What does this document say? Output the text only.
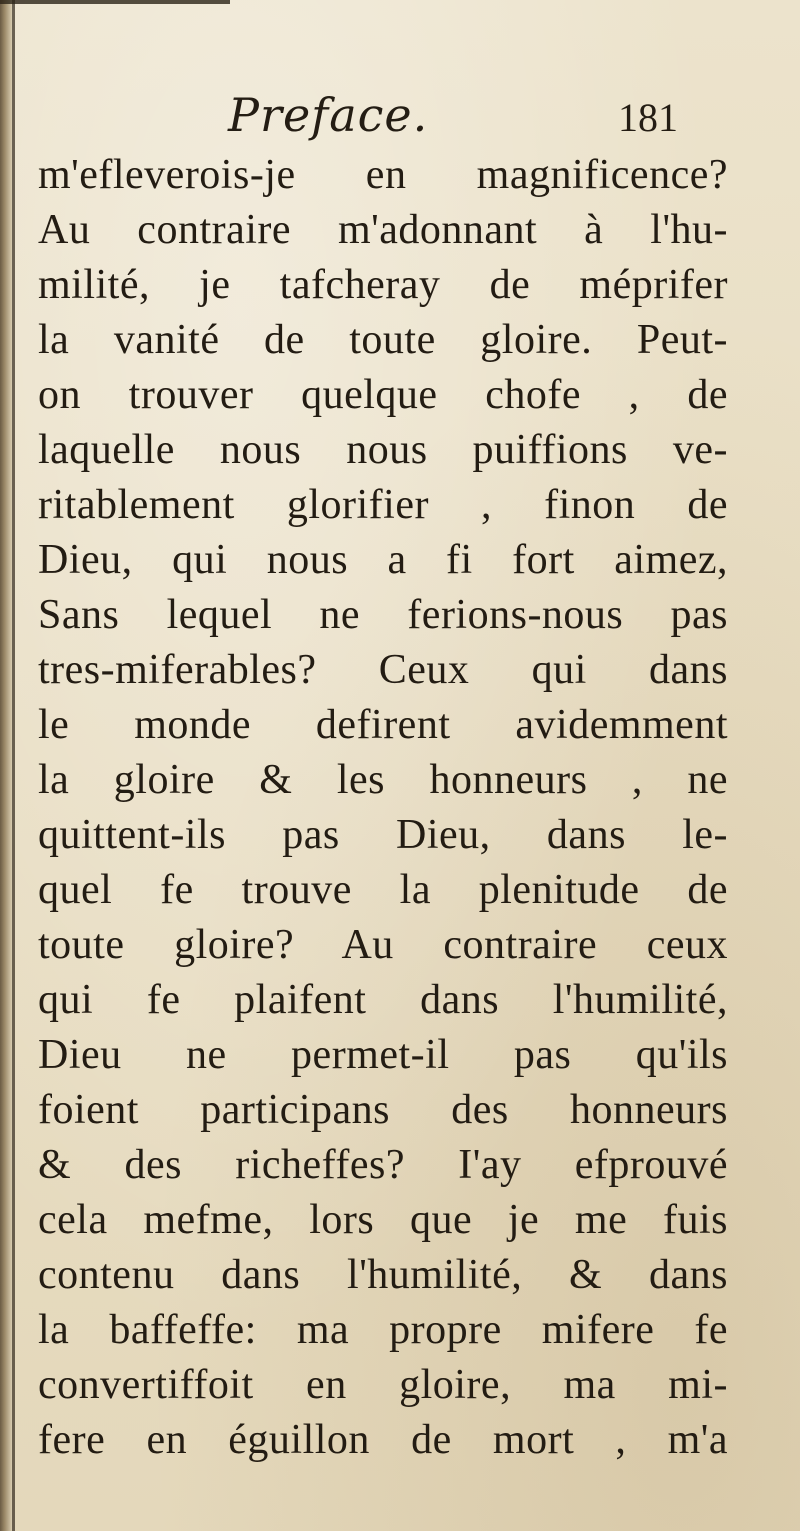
Preface.	181
m'efleverois-je en magnificence?
Au contraire m'adonnant à l'hu-
milité, je tafcheray de méprifer
la vanité de toute gloire. Peut-
on trouver quelque chofe , de
laquelle nous nous puiffions ve-
ritablement glorifier , finon de
Dieu, qui nous a fi fort aimez,
Sans lequel ne ferions-nous pas
tres-miferables? Ceux qui dans
le monde defirent avidemment
la gloire & les honneurs , ne
quittent-ils pas Dieu, dans le-
quel fe trouve la plenitude de
toute gloire? Au contraire ceux
qui fe plaifent dans l'humilité,
Dieu ne permet-il pas qu'ils
foient participans des honneurs
& des richeffes? I'ay efprouvé
cela mefme, lors que je me fuis
contenu dans l'humilité, & dans
la baffeffe: ma propre mifere fe
convertiffoit en gloire, ma mi-
fere en éguillon de mort , m'a
